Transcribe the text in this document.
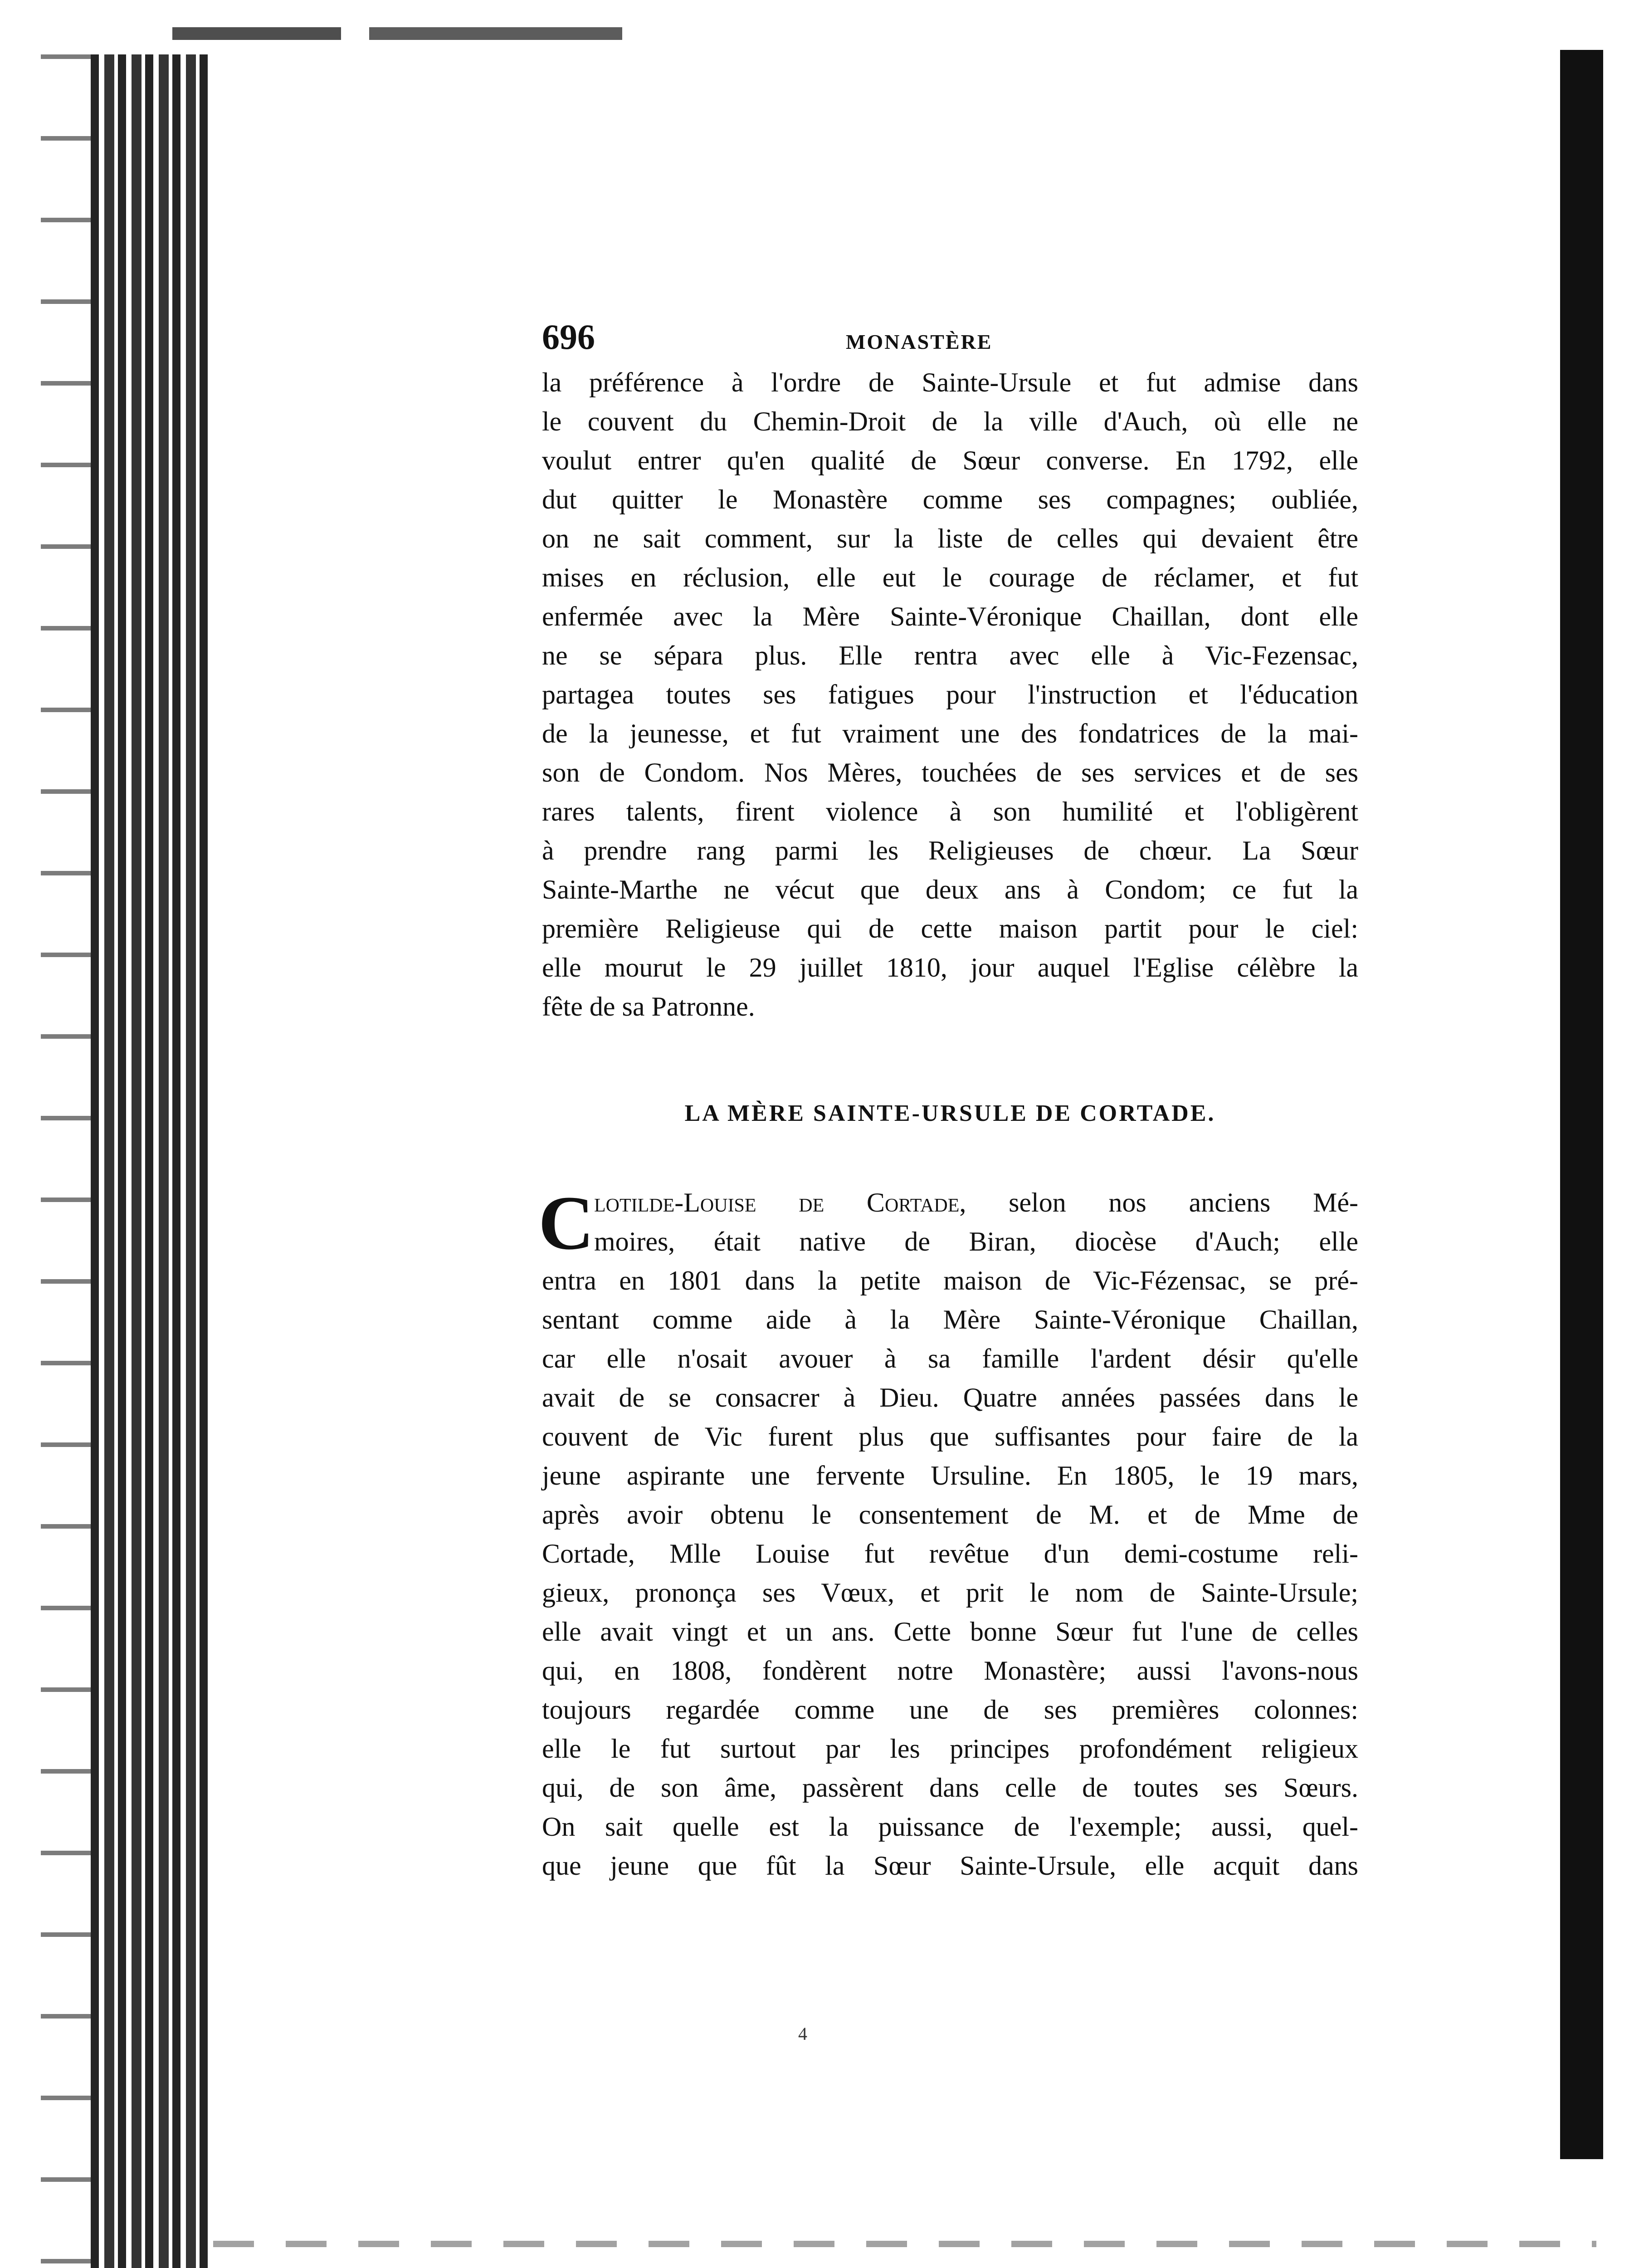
696	MONASTÈRE
la préférence à l'ordre de Sainte-Ursule et fut admise dans
le couvent du Chemin-Droit de la ville d'Auch, où elle ne
voulut entrer qu'en qualité de Sœur converse. En 1792, elle
dut quitter le Monastère comme ses compagnes; oubliée,
on ne sait comment, sur la liste de celles qui devaient être
mises en réclusion, elle eut le courage de réclamer, et fut
enfermée avec la Mère Sainte-Véronique Chaillan, dont elle
ne se sépara plus. Elle rentra avec elle à Vic-Fezensac,
partagea toutes ses fatigues pour l'instruction et l'éducation
de la jeunesse, et fut vraiment une des fondatrices de la mai-
son de Condom. Nos Mères, touchées de ses services et de ses
rares talents, firent violence à son humilité et l'obligèrent
à prendre rang parmi les Religieuses de chœur. La Sœur
Sainte-Marthe ne vécut que deux ans à Condom; ce fut la
première Religieuse qui de cette maison partit pour le ciel:
elle mourut le 29 juillet 1810, jour auquel l'Eglise célèbre la
fête de sa Patronne.
LA MÈRE SAINTE-URSULE DE CORTADE.
C lotilde-Louise de Cortade, selon nos anciens Mé-
moires, était native de Biran, diocèse d'Auch; elle
entra en 1801 dans la petite maison de Vic-Fézensac, se pré-
sentant comme aide à la Mère Sainte-Véronique Chaillan,
car elle n'osait avouer à sa famille l'ardent désir qu'elle
avait de se consacrer à Dieu. Quatre années passées dans le
couvent de Vic furent plus que suffisantes pour faire de la
jeune aspirante une fervente Ursuline. En 1805, le 19 mars,
après avoir obtenu le consentement de M. et de Mme de
Cortade, Mlle Louise fut revêtue d'un demi-costume reli-
gieux, prononça ses Vœux, et prit le nom de Sainte-Ursule;
elle avait vingt et un ans. Cette bonne Sœur fut l'une de celles
qui, en 1808, fondèrent notre Monastère; aussi l'avons-nous
toujours regardée comme une de ses premières colonnes:
elle le fut surtout par les principes profondément religieux
qui, de son âme, passèrent dans celle de toutes ses Sœurs.
On sait quelle est la puissance de l'exemple; aussi, quel-
que jeune que fût la Sœur Sainte-Ursule, elle acquit dans
4
